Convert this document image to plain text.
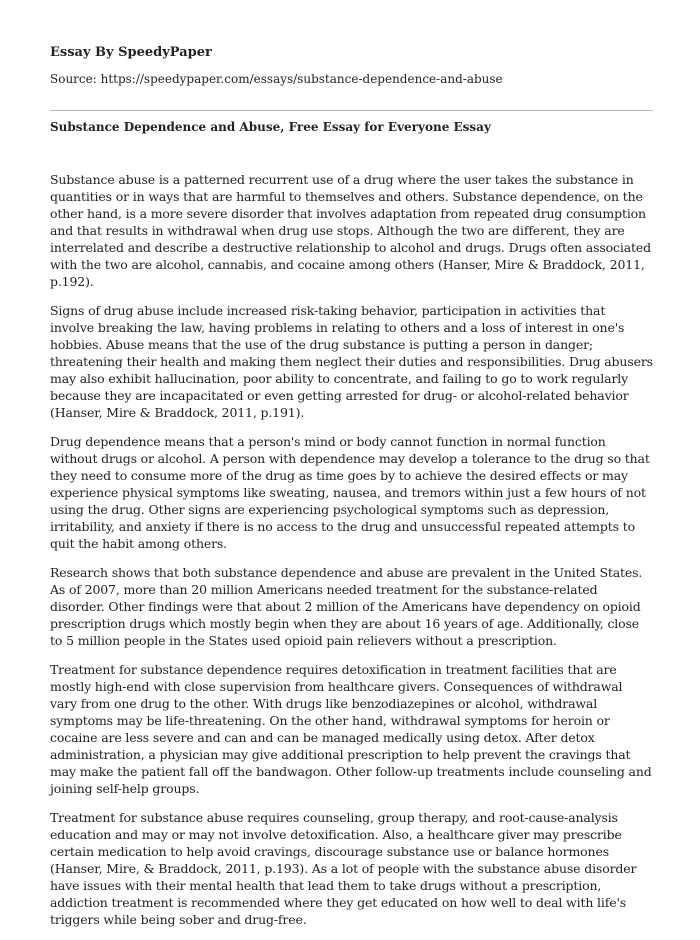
Essay By SpeedyPaper
Source: https://speedypaper.com/essays/substance-dependence-and-abuse
Substance Dependence and Abuse, Free Essay for Everyone Essay

Substance abuse is a patterned recurrent use of a drug where the user takes the substance in quantities or in ways that are harmful to themselves and others. Substance dependence, on the other hand, is a more severe disorder that involves adaptation from repeated drug consumption and that results in withdrawal when drug use stops. Although the two are different, they are interrelated and describe a destructive relationship to alcohol and drugs. Drugs often associated with the two are alcohol, cannabis, and cocaine among others (Hanser, Mire & Braddock, 2011, p.192).

Signs of drug abuse include increased risk-taking behavior, participation in activities that involve breaking the law, having problems in relating to others and a loss of interest in one's hobbies. Abuse means that the use of the drug substance is putting a person in danger; threatening their health and making them neglect their duties and responsibilities. Drug abusers may also exhibit hallucination, poor ability to concentrate, and failing to go to work regularly because they are incapacitated or even getting arrested for drug- or alcohol-related behavior (Hanser, Mire & Braddock, 2011, p.191).

Drug dependence means that a person's mind or body cannot function in normal function without drugs or alcohol. A person with dependence may develop a tolerance to the drug so that they need to consume more of the drug as time goes by to achieve the desired effects or may experience physical symptoms like sweating, nausea, and tremors within just a few hours of not using the drug. Other signs are experiencing psychological symptoms such as depression, irritability, and anxiety if there is no access to the drug and unsuccessful repeated attempts to quit the habit among others.

Research shows that both substance dependence and abuse are prevalent in the United States. As of 2007, more than 20 million Americans needed treatment for the substance-related disorder. Other findings were that about 2 million of the Americans have dependency on opioid prescription drugs which mostly begin when they are about 16 years of age. Additionally, close to 5 million people in the States used opioid pain relievers without a prescription.

Treatment for substance dependence requires detoxification in treatment facilities that are mostly high-end with close supervision from healthcare givers. Consequences of withdrawal vary from one drug to the other. With drugs like benzodiazepines or alcohol, withdrawal symptoms may be life-threatening. On the other hand, withdrawal symptoms for heroin or cocaine are less severe and can and can be managed medically using detox. After detox administration, a physician may give additional prescription to help prevent the cravings that may make the patient fall off the bandwagon. Other follow-up treatments include counseling and joining self-help groups.

Treatment for substance abuse requires counseling, group therapy, and root-cause-analysis education and may or may not involve detoxification. Also, a healthcare giver may prescribe certain medication to help avoid cravings, discourage substance use or balance hormones (Hanser, Mire, & Braddock, 2011, p.193). As a lot of people with the substance abuse disorder have issues with their mental health that lead them to take drugs without a prescription, addiction treatment is recommended where they get educated on how well to deal with life's triggers while being sober and drug-free.
